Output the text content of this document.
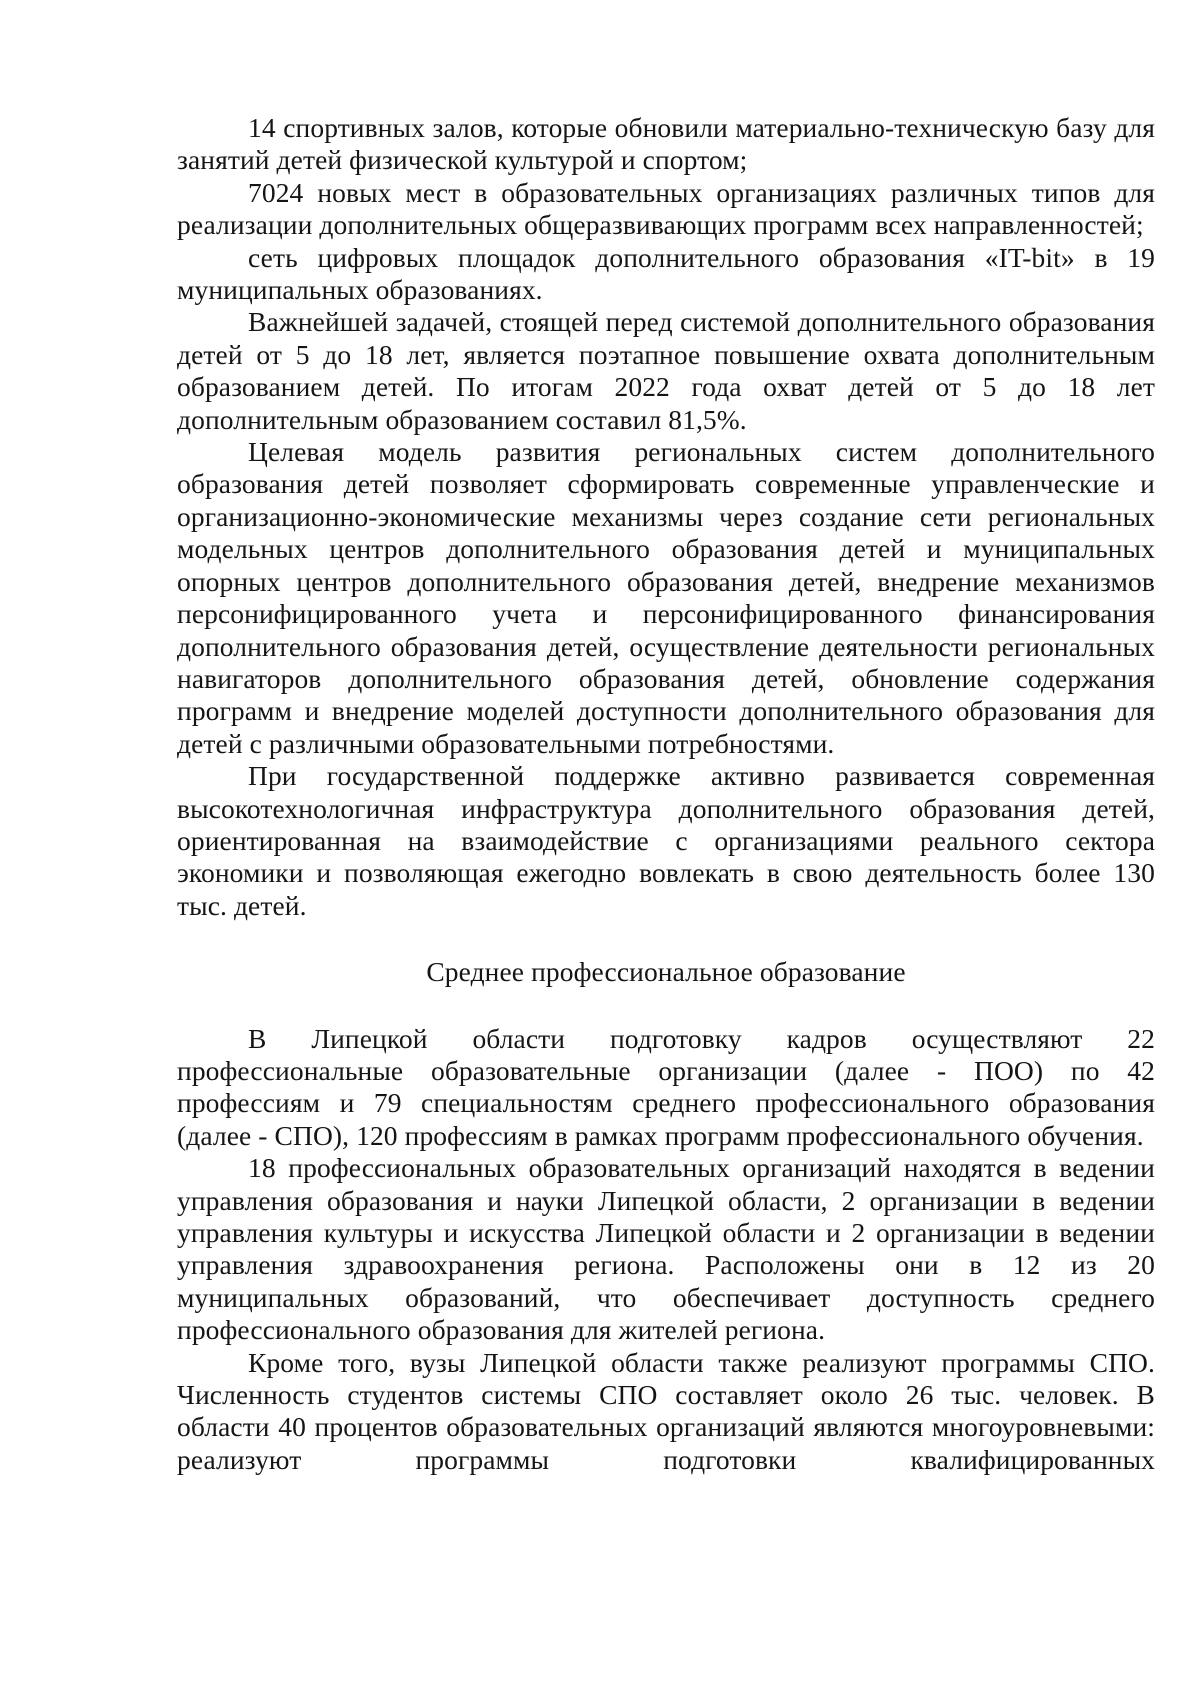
14 спортивных залов, которые обновили материально-техническую базу для занятий детей физической культурой и спортом;

7024 новых мест в образовательных организациях различных типов для реализации дополнительных общеразвивающих программ всех направленностей;

сеть цифровых площадок дополнительного образования «IT-bit» в 19 муниципальных образованиях.

Важнейшей задачей, стоящей перед системой дополнительного образования детей от 5 до 18 лет, является поэтапное повышение охвата дополнительным образованием детей. По итогам 2022 года охват детей от 5 до 18 лет дополнительным образованием составил 81,5%.

Целевая модель развития региональных систем дополнительного образования детей позволяет сформировать современные управленческие и организационно-экономические механизмы через создание сети региональных модельных центров дополнительного образования детей и муниципальных опорных центров дополнительного образования детей, внедрение механизмов персонифицированного учета и персонифицированного финансирования дополнительного образования детей, осуществление деятельности региональных навигаторов дополнительного образования детей, обновление содержания программ и внедрение моделей доступности дополнительного образования для детей с различными образовательными потребностями.

При государственной поддержке активно развивается современная высокотехнологичная инфраструктура дополнительного образования детей, ориентированная на взаимодействие с организациями реального сектора экономики и позволяющая ежегодно вовлекать в свою деятельность более 130 тыс. детей.

Среднее профессиональное образование

В Липецкой области подготовку кадров осуществляют 22 профессиональные образовательные организации (далее - ПОО) по 42 профессиям и 79 специальностям среднего профессионального образования (далее - СПО), 120 профессиям в рамках программ профессионального обучения.

18 профессиональных образовательных организаций находятся в ведении управления образования и науки Липецкой области, 2 организации в ведении управления культуры и искусства Липецкой области и 2 организации в ведении управления здравоохранения региона. Расположены они в 12 из 20 муниципальных образований, что обеспечивает доступность среднего профессионального образования для жителей региона.

Кроме того, вузы Липецкой области также реализуют программы СПО. Численность студентов системы СПО составляет около 26 тыс. человек. В области 40 процентов образовательных организаций являются многоуровневыми: реализуют программы подготовки квалифицированных
